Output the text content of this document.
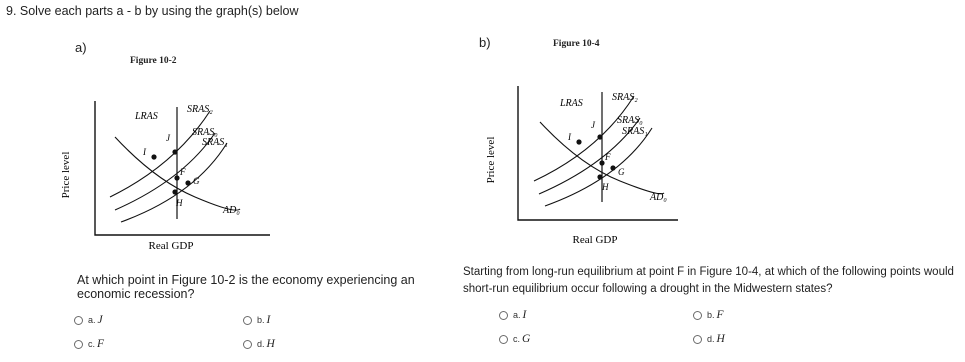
9. Solve each parts a - b by using the graph(s) below
a)
Figure 10-2
Price level
LRAS
SRAS₂
SRAS₀
SRAS₁
AD₀
I
J
F
G
H
Real GDP
At which point in Figure 10-2 is the economy experiencing an economic recession?
a. J	b. I
c. F	d. H
b)	Figure 10-4
Price level
LRAS
SRAS₂
SRAS₀
SRAS₁
AD₀
I
J
F
G
H
Real GDP
Starting from long-run equilibrium at point F in Figure 10-4, at which of the following points would short-run equilibrium occur following a drought in the Midwestern states?
a. I	b. F
c. G	d. H
